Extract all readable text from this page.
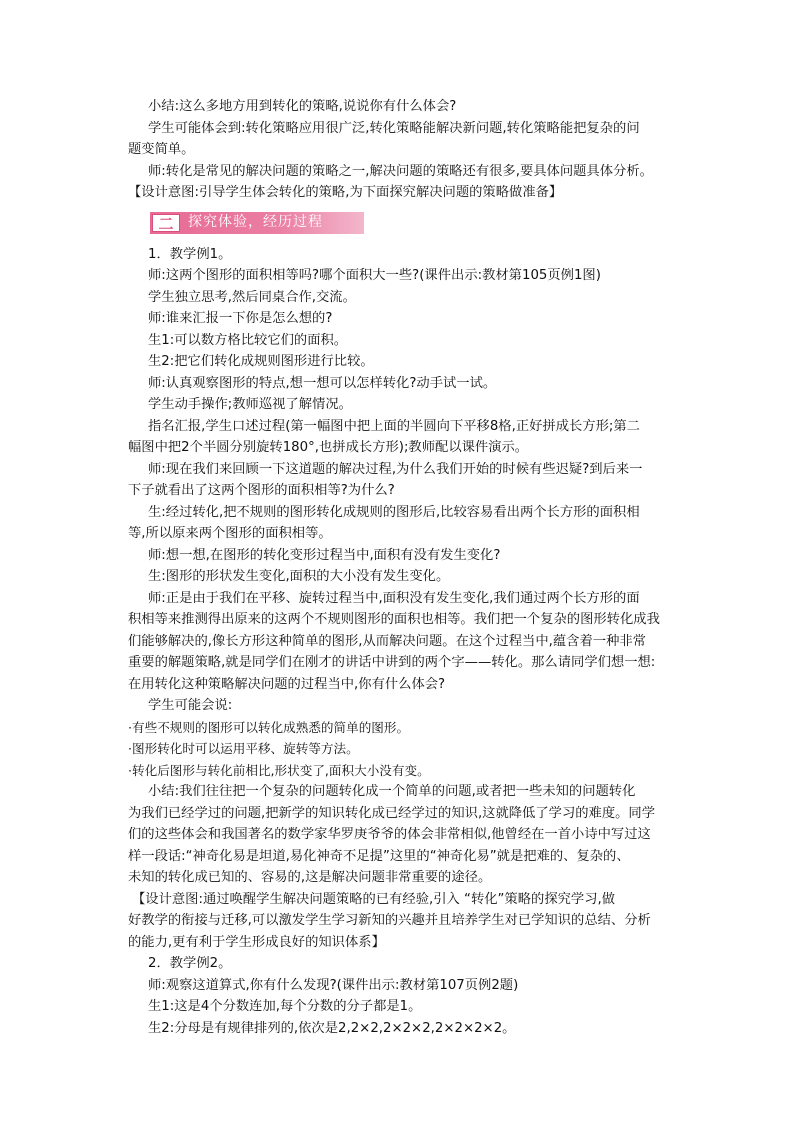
小结:这么多地方用到转化的策略,说说你有什么体会?

学生可能体会到:转化策略应用很广泛,转化策略能解决新问题,转化策略能把复杂的问

题变简单。

师:转化是常见的解决问题的策略之一,解决问题的策略还有很多,要具体问题具体分析。

【设计意图:引导学生体会转化的策略,为下面探究解决问题的策略做准备】

二	探究体验，经历过程

1．教学例1。

师:这两个图形的面积相等吗?哪个面积大一些?(课件出示:教材第105页例1图)

学生独立思考,然后同桌合作,交流。

师:谁来汇报一下你是怎么想的?

生1:可以数方格比较它们的面积。

生2:把它们转化成规则图形进行比较。

师:认真观察图形的特点,想一想可以怎样转化?动手试一试。

学生动手操作;教师巡视了解情况。

指名汇报,学生口述过程(第一幅图中把上面的半圆向下平移8格,正好拼成长方形;第二

幅图中把2个半圆分别旋转180°,也拼成长方形);教师配以课件演示。

师:现在我们来回顾一下这道题的解决过程,为什么我们开始的时候有些迟疑?到后来一

下子就看出了这两个图形的面积相等?为什么?

生:经过转化,把不规则的图形转化成规则的图形后,比较容易看出两个长方形的面积相

等,所以原来两个图形的面积相等。

师:想一想,在图形的转化变形过程当中,面积有没有发生变化?

生:图形的形状发生变化,面积的大小没有发生变化。

师:正是由于我们在平移、旋转过程当中,面积没有发生变化,我们通过两个长方形的面

积相等来推测得出原来的这两个不规则图形的面积也相等。我们把一个复杂的图形转化成我

们能够解决的,像长方形这种简单的图形,从而解决问题。在这个过程当中,蕴含着一种非常

重要的解题策略,就是同学们在刚才的讲话中讲到的两个字——转化。那么请同学们想一想:

在用转化这种策略解决问题的过程当中,你有什么体会?

学生可能会说:

·有些不规则的图形可以转化成熟悉的简单的图形。

·图形转化时可以运用平移、旋转等方法。

·转化后图形与转化前相比,形状变了,面积大小没有变。

小结:我们往往把一个复杂的问题转化成一个简单的问题,或者把一些未知的问题转化

为我们已经学过的问题,把新学的知识转化成已经学过的知识,这就降低了学习的难度。同学

们的这些体会和我国著名的数学家华罗庚爷爷的体会非常相似,他曾经在一首小诗中写过这

样一段话:“神奇化易是坦道,易化神奇不足提”这里的“神奇化易”就是把难的、复杂的、

未知的转化成已知的、容易的,这是解决问题非常重要的途径。

【设计意图:通过唤醒学生解决问题策略的已有经验,引入 “转化”策略的探究学习,做

好教学的衔接与迁移,可以激发学生学习新知的兴趣并且培养学生对已学知识的总结、分析

的能力,更有利于学生形成良好的知识体系】

2．教学例2。

师:观察这道算式,你有什么发现?(课件出示:教材第107页例2题)

生1:这是4个分数连加,每个分数的分子都是1。

生2:分母是有规律排列的,依次是2,2×2,2×2×2,2×2×2×2。
